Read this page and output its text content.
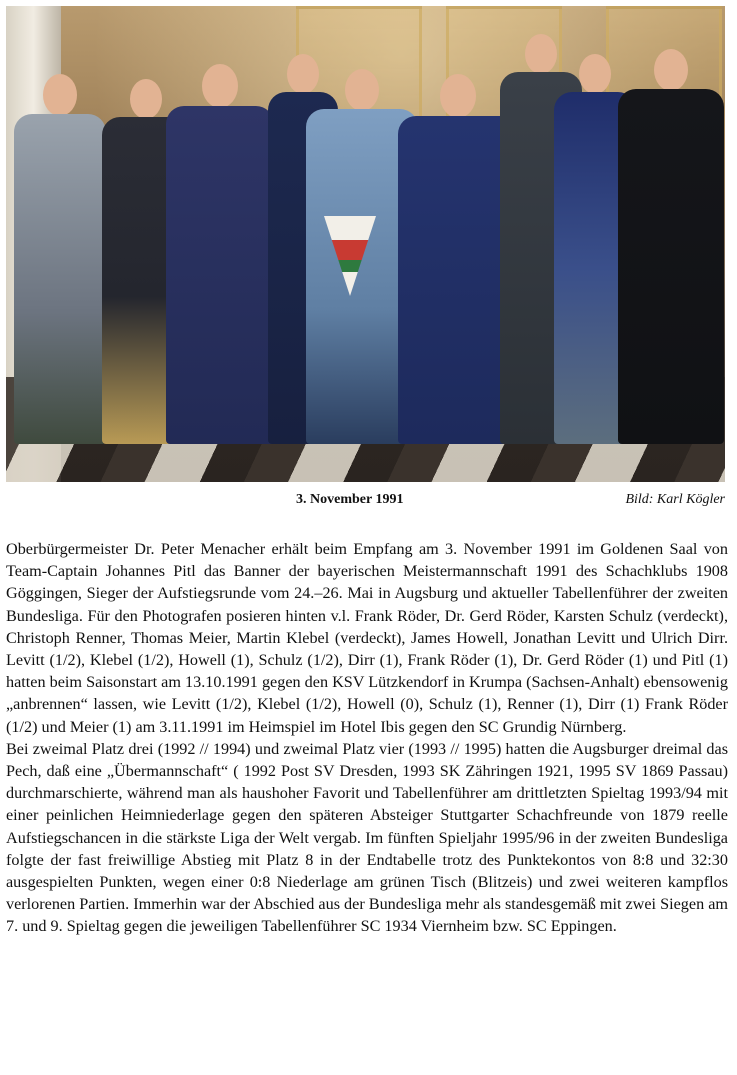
3. November 1991	Bild: Karl Kögler

Oberbürgermeister Dr. Peter Menacher erhält beim Empfang am 3. November 1991 im Goldenen Saal von Team-Captain Johannes Pitl das Banner der bayerischen Meistermannschaft 1991 des Schachklubs 1908 Göggingen, Sieger der Aufstiegsrunde vom 24.–26. Mai in Augsburg und aktueller Tabellenführer der zweiten Bundesliga. Für den Photografen posieren hinten v.l. Frank Röder, Dr. Gerd Röder, Karsten Schulz (verdeckt), Christoph Renner, Thomas Meier, Martin Klebel (verdeckt), James Howell, Jonathan Levitt und Ulrich Dirr. Levitt (1/2), Klebel (1/2), Howell (1), Schulz (1/2), Dirr (1), Frank Röder (1), Dr. Gerd Röder (1) und Pitl (1) hatten beim Saisonstart am 13.10.1991 gegen den KSV Lützkendorf in Krumpa (Sachsen-Anhalt) ebensowenig „anbrennen“ lassen, wie Levitt (1/2), Klebel (1/2), Howell (0), Schulz (1), Renner (1), Dirr (1) Frank Röder (1/2) und Meier (1) am 3.11.1991 im Heimspiel im Hotel Ibis gegen den SC Grundig Nürnberg.

Bei zweimal Platz drei (1992 // 1994) und zweimal Platz vier (1993 // 1995) hatten die Augsburger dreimal das Pech, daß eine „Übermannschaft“ ( 1992 Post SV Dresden, 1993 SK Zähringen 1921, 1995 SV 1869 Passau) durchmarschierte, während man als haushoher Favorit und Tabellenführer am drittletzten Spieltag 1993/94 mit einer peinlichen Heimniederlage gegen den späteren Absteiger Stuttgarter Schachfreunde von 1879 reelle Aufstiegschancen in die stärkste Liga der Welt vergab. Im fünften Spieljahr 1995/96 in der zweiten Bundesliga folgte der fast freiwillige Abstieg mit Platz 8 in der Endtabelle trotz des Punktekontos von 8:8 und 32:30 ausgespielten Punkten, wegen einer 0:8 Niederlage am grünen Tisch (Blitzeis) und zwei weiteren kampflos verlorenen Partien. Immerhin war der Abschied aus der Bundesliga mehr als standesgemäß mit zwei Siegen am 7. und 9. Spieltag gegen die jeweiligen Tabellenführer SC 1934 Viernheim bzw. SC Eppingen.
